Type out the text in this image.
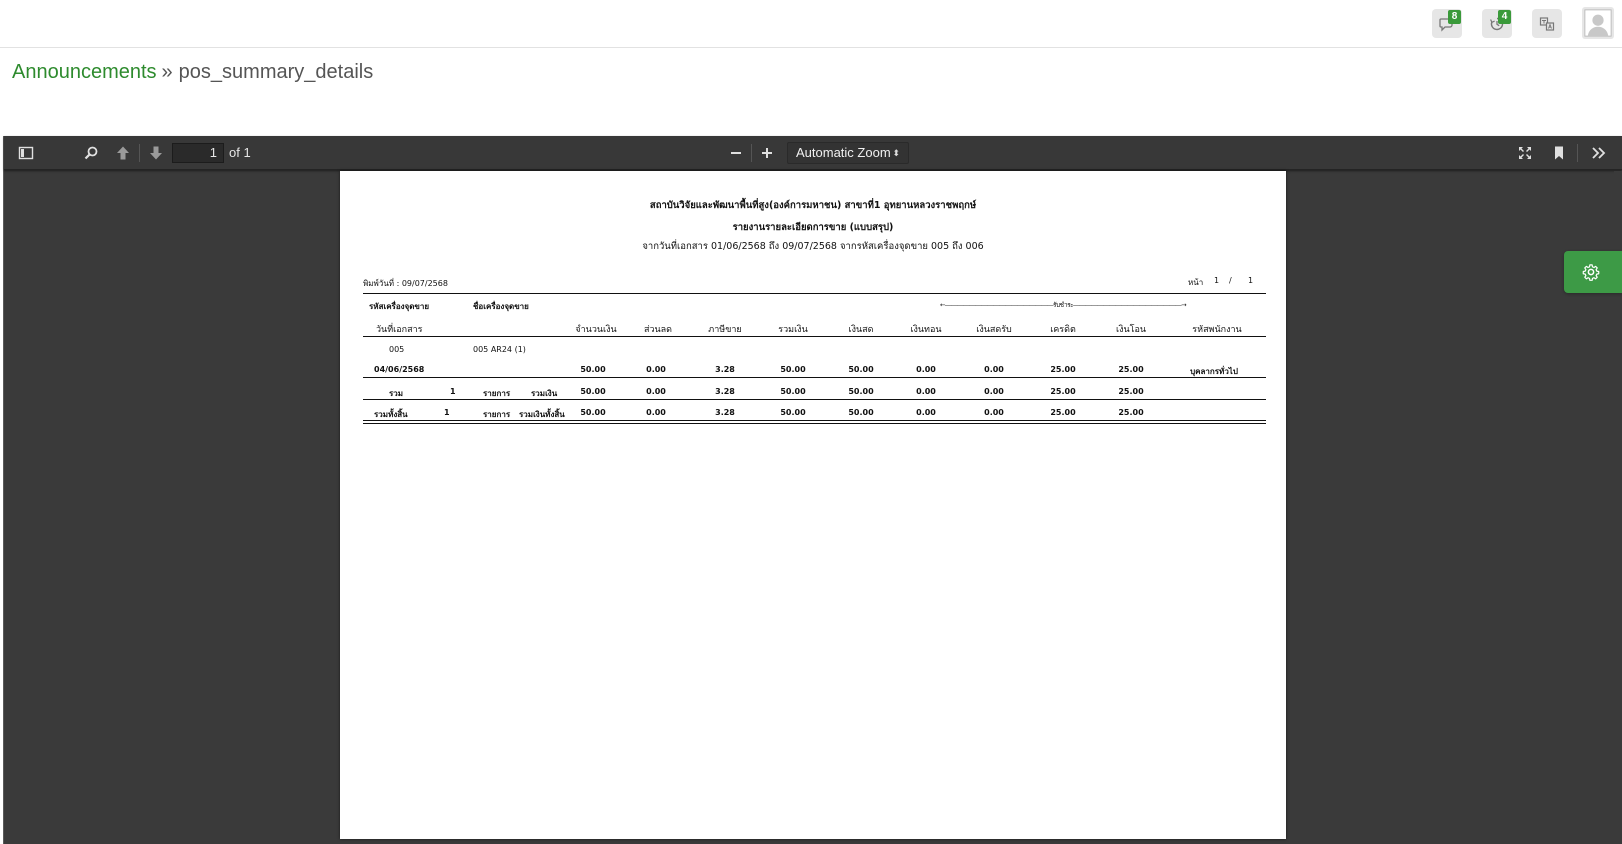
8	4
Announcements » pos_summary_details
1 of 1	Automatic Zoom ⬍
สถาบันวิจัยและพัฒนาพื้นที่สูง(องค์การมหาชน) สาขาที่1 อุทยานหลวงราชพฤกษ์
รายงานรายละเอียดการขาย (แบบสรุป)
จากวันที่เอกสาร 01/06/2568 ถึง 09/07/2568 จากรหัสเครื่องจุดขาย 005 ถึง 006
พิมพ์วันที่ : 09/07/2568	หน้า 1 / 1
รหัสเครื่องจุดขาย	ชื่อเครื่องจุดขาย	←――――――――――――――――――รับชำระ――――――――――――――――――→
วันที่เอกสาร	จำนวนเงิน	ส่วนลด	ภาษีขาย	รวมเงิน	เงินสด	เงินทอน	เงินสดรับ	เครดิต	เงินโอน	รหัสพนักงาน
005	005 AR24 (1)
04/06/2568	50.00	0.00	3.28	50.00	50.00	0.00	0.00	25.00	25.00	บุคลากรทั่วไป
รวม	1	รายการ	รวมเงิน	50.00	0.00	3.28	50.00	50.00	0.00	0.00	25.00	25.00
รวมทั้งสิ้น	1	รายการ รวมเงินทั้งสิ้น 50.00	0.00	3.28	50.00	50.00	0.00	0.00	25.00	25.00
